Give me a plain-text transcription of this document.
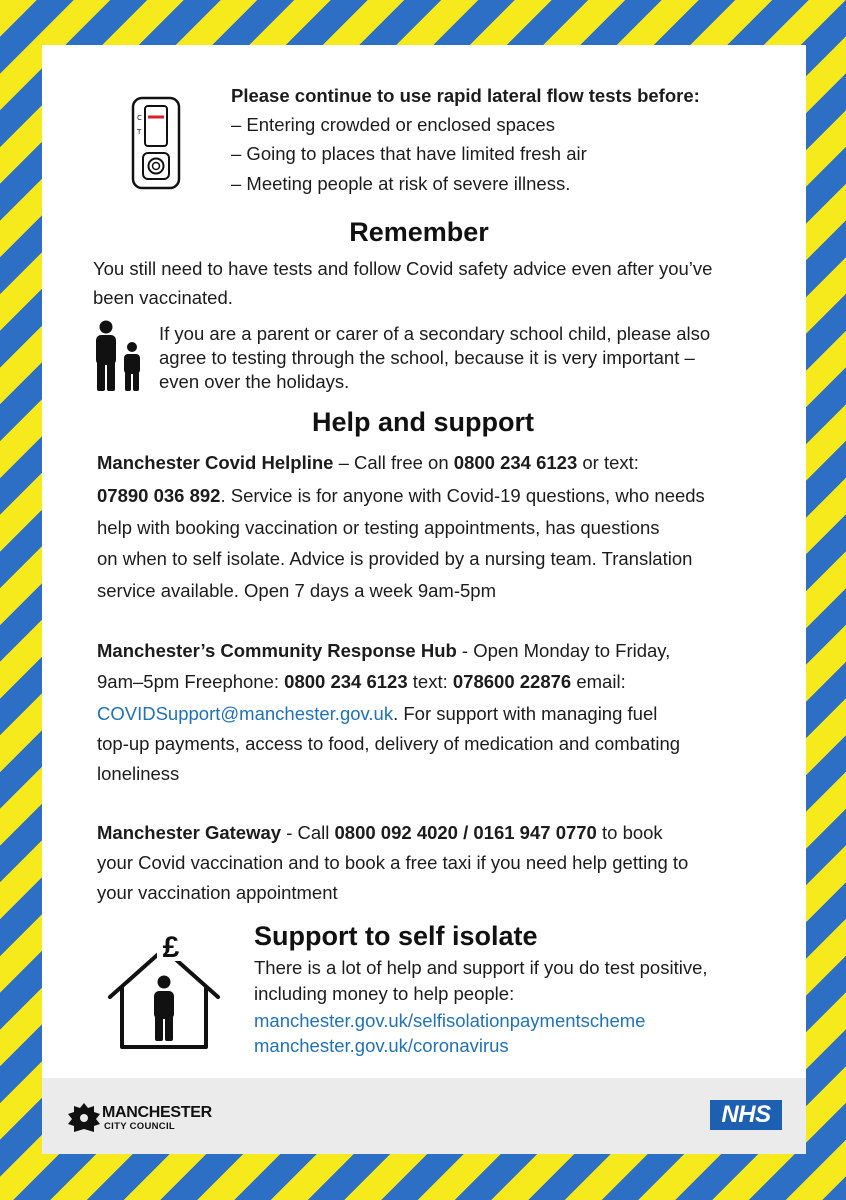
C
T
Please continue to use rapid lateral flow tests before:
– Entering crowded or enclosed spaces
– Going to places that have limited fresh air
– Meeting people at risk of severe illness.
Remember
You still need to have tests and follow Covid safety advice even after you’ve
been vaccinated.
If you are a parent or carer of a secondary school child, please also
agree to testing through the school, because it is very important –
even over the holidays.
Help and support
Manchester Covid Helpline – Call free on 0800 234 6123 or text:
07890 036 892. Service is for anyone with Covid-19 questions, who needs
help with booking vaccination or testing appointments, has questions
on when to self isolate. Advice is provided by a nursing team. Translation
service available. Open 7 days a week 9am-5pm
Manchester’s Community Response Hub - Open Monday to Friday,
9am–5pm Freephone: 0800 234 6123 text: 078600 22876 email:
COVIDSupport@manchester.gov.uk. For support with managing fuel
top-up payments, access to food, delivery of medication and combating
loneliness
Manchester Gateway - Call 0800 092 4020 / 0161 947 0770 to book
your Covid vaccination and to book a free taxi if you need help getting to
your vaccination appointment
£	Support to self isolate
There is a lot of help and support if you do test positive,
including money to help people:
manchester.gov.uk/selfisolationpaymentscheme
manchester.gov.uk/coronavirus
MANCHESTER
CITY COUNCIL	NHS
